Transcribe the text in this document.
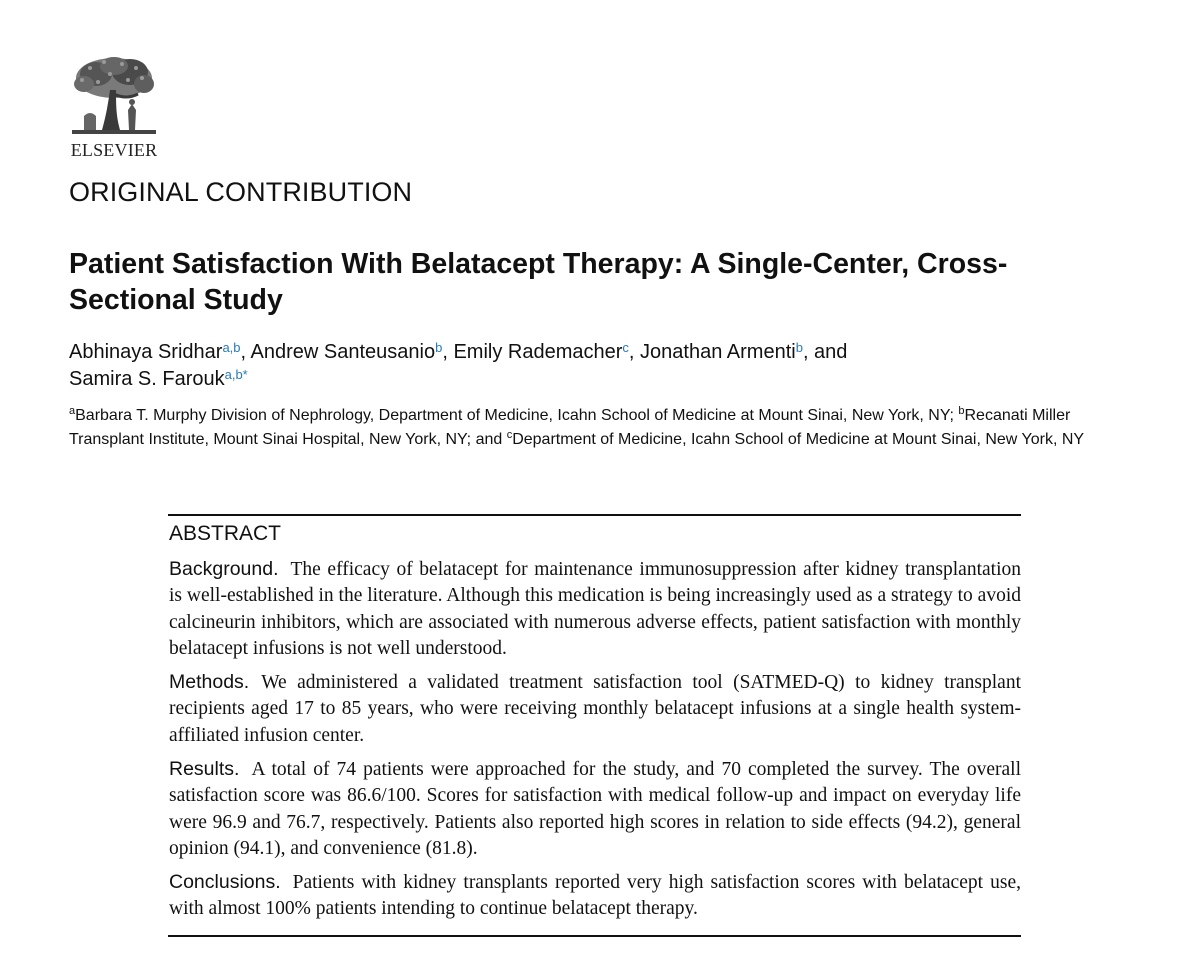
ELSEVIER
ORIGINAL CONTRIBUTION
Patient Satisfaction With Belatacept Therapy: A Single-Center, Cross-Sectional Study
Abhinaya Sridhar$^{a,b}$, Andrew Santeusanio$^b$, Emily Rademacher$^c$, Jonathan Armenti$^b$, and
Samira S. Farouk$^{a,b*}$
$^a$Barbara T. Murphy Division of Nephrology, Department of Medicine, Icahn School of Medicine at Mount Sinai, New York, NY; $^b$Recanati Miller Transplant Institute, Mount Sinai Hospital, New York, NY; and $^c$Department of Medicine, Icahn School of Medicine at Mount Sinai, New York, NY
ABSTRACT

Background. The efficacy of belatacept for maintenance immunosuppression after kidney transplantation is well-established in the literature. Although this medication is being increasingly used as a strategy to avoid calcineurin inhibitors, which are associated with numerous adverse effects, patient satisfaction with monthly belatacept infusions is not well understood.

Methods. We administered a validated treatment satisfaction tool (SATMED-Q) to kidney transplant recipients aged 17 to 85 years, who were receiving monthly belatacept infusions at a single health system-affiliated infusion center.

Results. A total of 74 patients were approached for the study, and 70 completed the survey. The overall satisfaction score was 86.6/100. Scores for satisfaction with medical follow-up and impact on everyday life were 96.9 and 76.7, respectively. Patients also reported high scores in relation to side effects (94.2), general opinion (94.1), and convenience (81.8).

Conclusions. Patients with kidney transplants reported very high satisfaction scores with belatacept use, with almost 100% patients intending to continue belatacept therapy.
